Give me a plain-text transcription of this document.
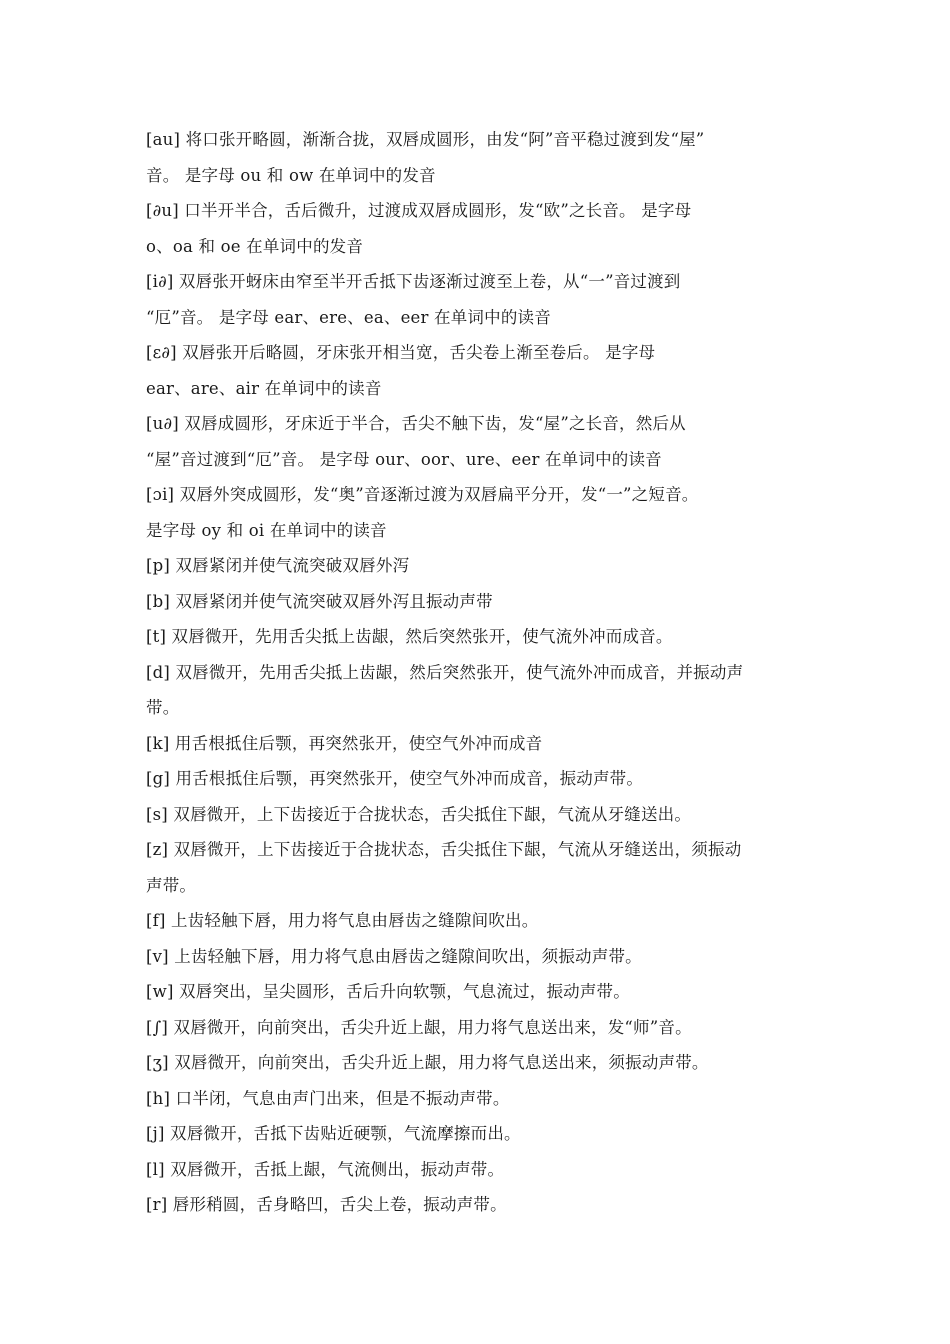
[au] 将口张开略圆，渐渐合拢，双唇成圆形，由发“阿”音平稳过渡到发“屋”
音。 是字母 ou 和 ow 在单词中的发音
[∂u] 口半开半合，舌后微升，过渡成双唇成圆形，发“欧”之长音。 是字母
o、oa 和 oe 在单词中的发音
[i∂] 双唇张开蚜床由窄至半开舌抵下齿逐渐过渡至上卷，从“一”音过渡到
“厄”音。 是字母 ear、ere、ea、eer 在单词中的读音
[ε∂] 双唇张开后略圆，牙床张开相当宽，舌尖卷上渐至卷后。 是字母
ear、are、air 在单词中的读音
[u∂] 双唇成圆形，牙床近于半合，舌尖不触下齿，发“屋”之长音，然后从
“屋”音过渡到“厄”音。 是字母 our、oor、ure、eer 在单词中的读音
[ɔi] 双唇外突成圆形，发“奥”音逐渐过渡为双唇扁平分开，发“一”之短音。
是字母 oy 和 oi 在单词中的读音
[p] 双唇紧闭并使气流突破双唇外泻
[b] 双唇紧闭并使气流突破双唇外泻且振动声带
[t] 双唇微开，先用舌尖抵上齿龈，然后突然张开，使气流外冲而成音。
[d] 双唇微开，先用舌尖抵上齿龈，然后突然张开，使气流外冲而成音，并振动声
带。
[k] 用舌根抵住后颚，再突然张开，使空气外冲而成音
[g] 用舌根抵住后颚，再突然张开，使空气外冲而成音，振动声带。
[s] 双唇微开，上下齿接近于合拢状态，舌尖抵住下龈，气流从牙缝送出。
[z] 双唇微开，上下齿接近于合拢状态，舌尖抵住下龈，气流从牙缝送出，须振动
声带。
[f] 上齿轻触下唇，用力将气息由唇齿之缝隙间吹出。
[v] 上齿轻触下唇，用力将气息由唇齿之缝隙间吹出，须振动声带。
[w] 双唇突出，呈尖圆形，舌后升向软颚，气息流过，振动声带。
[∫] 双唇微开，向前突出，舌尖升近上龈，用力将气息送出来，发“师”音。
[ʒ] 双唇微开，向前突出，舌尖升近上龈，用力将气息送出来，须振动声带。
[h] 口半闭，气息由声门出来，但是不振动声带。
[j] 双唇微开，舌抵下齿贴近硬颚，气流摩擦而出。
[l] 双唇微开，舌抵上龈，气流侧出，振动声带。
[r] 唇形稍圆，舌身略凹，舌尖上卷，振动声带。
